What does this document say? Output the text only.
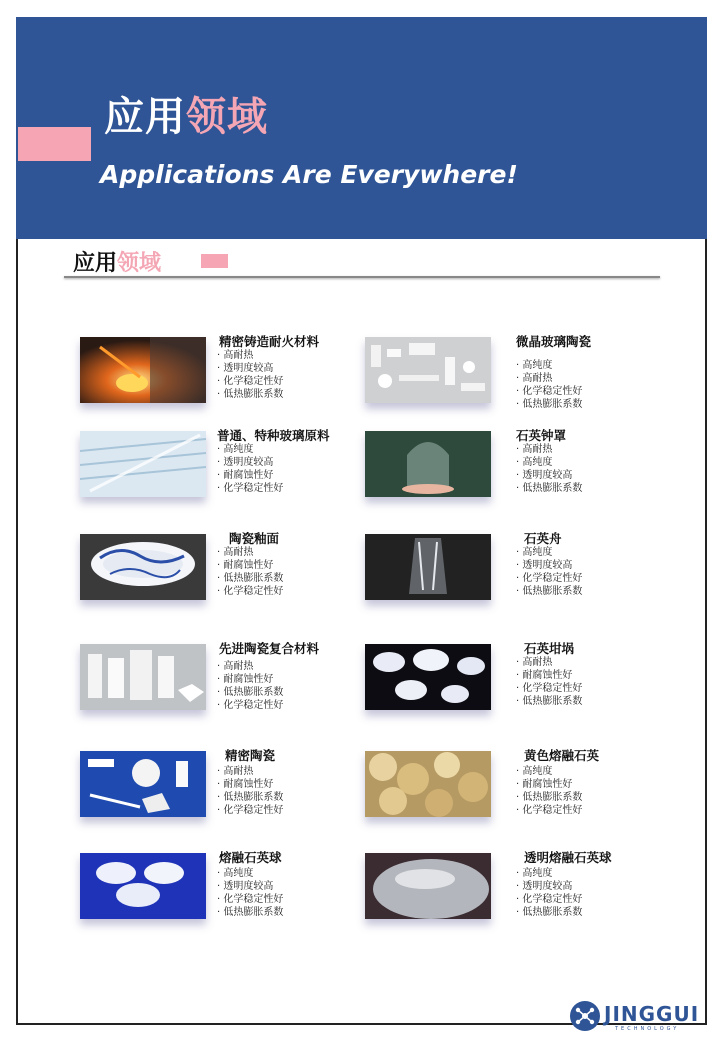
应用领域
Applications Are Everywhere!
应用领域
精密铸造耐火材料
· 高耐热
· 透明度较高
· 化学稳定性好
· 低热膨胀系数
微晶玻璃陶瓷
· 高纯度
· 高耐热
· 化学稳定性好
· 低热膨胀系数
普通、特种玻璃原料
· 高纯度
· 透明度较高
· 耐腐蚀性好
· 化学稳定性好
石英钟罩
· 高耐热
· 高纯度
· 透明度较高
· 低热膨胀系数
陶瓷釉面
· 高耐热
· 耐腐蚀性好
· 低热膨胀系数
· 化学稳定性好
石英舟
· 高纯度
· 透明度较高
· 化学稳定性好
· 低热膨胀系数
先进陶瓷复合材料
· 高耐热
· 耐腐蚀性好
· 低热膨胀系数
· 化学稳定性好
石英坩埚
· 高耐热
· 耐腐蚀性好
· 化学稳定性好
· 低热膨胀系数
精密陶瓷
· 高耐热
· 耐腐蚀性好
· 低热膨胀系数
· 化学稳定性好
黄色熔融石英
· 高纯度
· 耐腐蚀性好
· 低热膨胀系数
· 化学稳定性好
熔融石英球
· 高纯度
· 透明度较高
· 化学稳定性好
· 低热膨胀系数
透明熔融石英球
· 高纯度
· 透明度较高
· 化学稳定性好
· 低热膨胀系数
JINGGUI
TECHNOLOGY
